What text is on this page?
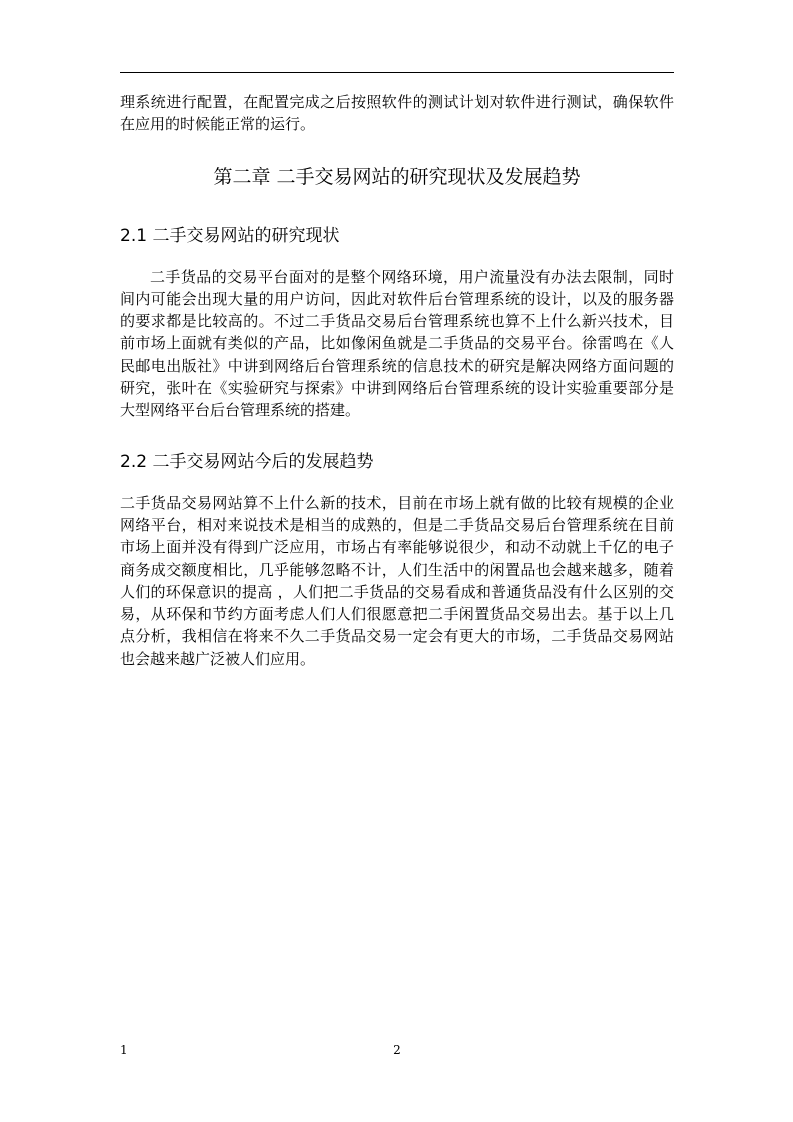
理系统进行配置，在配置完成之后按照软件的测试计划对软件进行测试，确保软件在应用的时候能正常的运行。

第二章 二手交易网站的研究现状及发展趋势
2.1 二手交易网站的研究现状

二手货品的交易平台面对的是整个网络环境，用户流量没有办法去限制，同时间内可能会出现大量的用户访问，因此对软件后台管理系统的设计，以及的服务器的要求都是比较高的。不过二手货品交易后台管理系统也算不上什么新兴技术，目前市场上面就有类似的产品，比如像闲鱼就是二手货品的交易平台。徐雷鸣在《人民邮电出版社》中讲到网络后台管理系统的信息技术的研究是解决网络方面问题的研究，张叶在《实验研究与探索》中讲到网络后台管理系统的设计实验重要部分是大型网络平台后台管理系统的搭建。

2.2 二手交易网站今后的发展趋势

二手货品交易网站算不上什么新的技术，目前在市场上就有做的比较有规模的企业网络平台，相对来说技术是相当的成熟的，但是二手货品交易后台管理系统在目前市场上面并没有得到广泛应用，市场占有率能够说很少，和动不动就上千亿的电子商务成交额度相比，几乎能够忽略不计，人们生活中的闲置品也会越来越多，随着人们的环保意识的提高 ，人们把二手货品的交易看成和普通货品没有什么区别的交易，从环保和节约方面考虑人们人们很愿意把二手闲置货品交易出去。基于以上几点分析，我相信在将来不久二手货品交易一定会有更大的市场，二手货品交易网站也会越来越广泛被人们应用。

1	2
